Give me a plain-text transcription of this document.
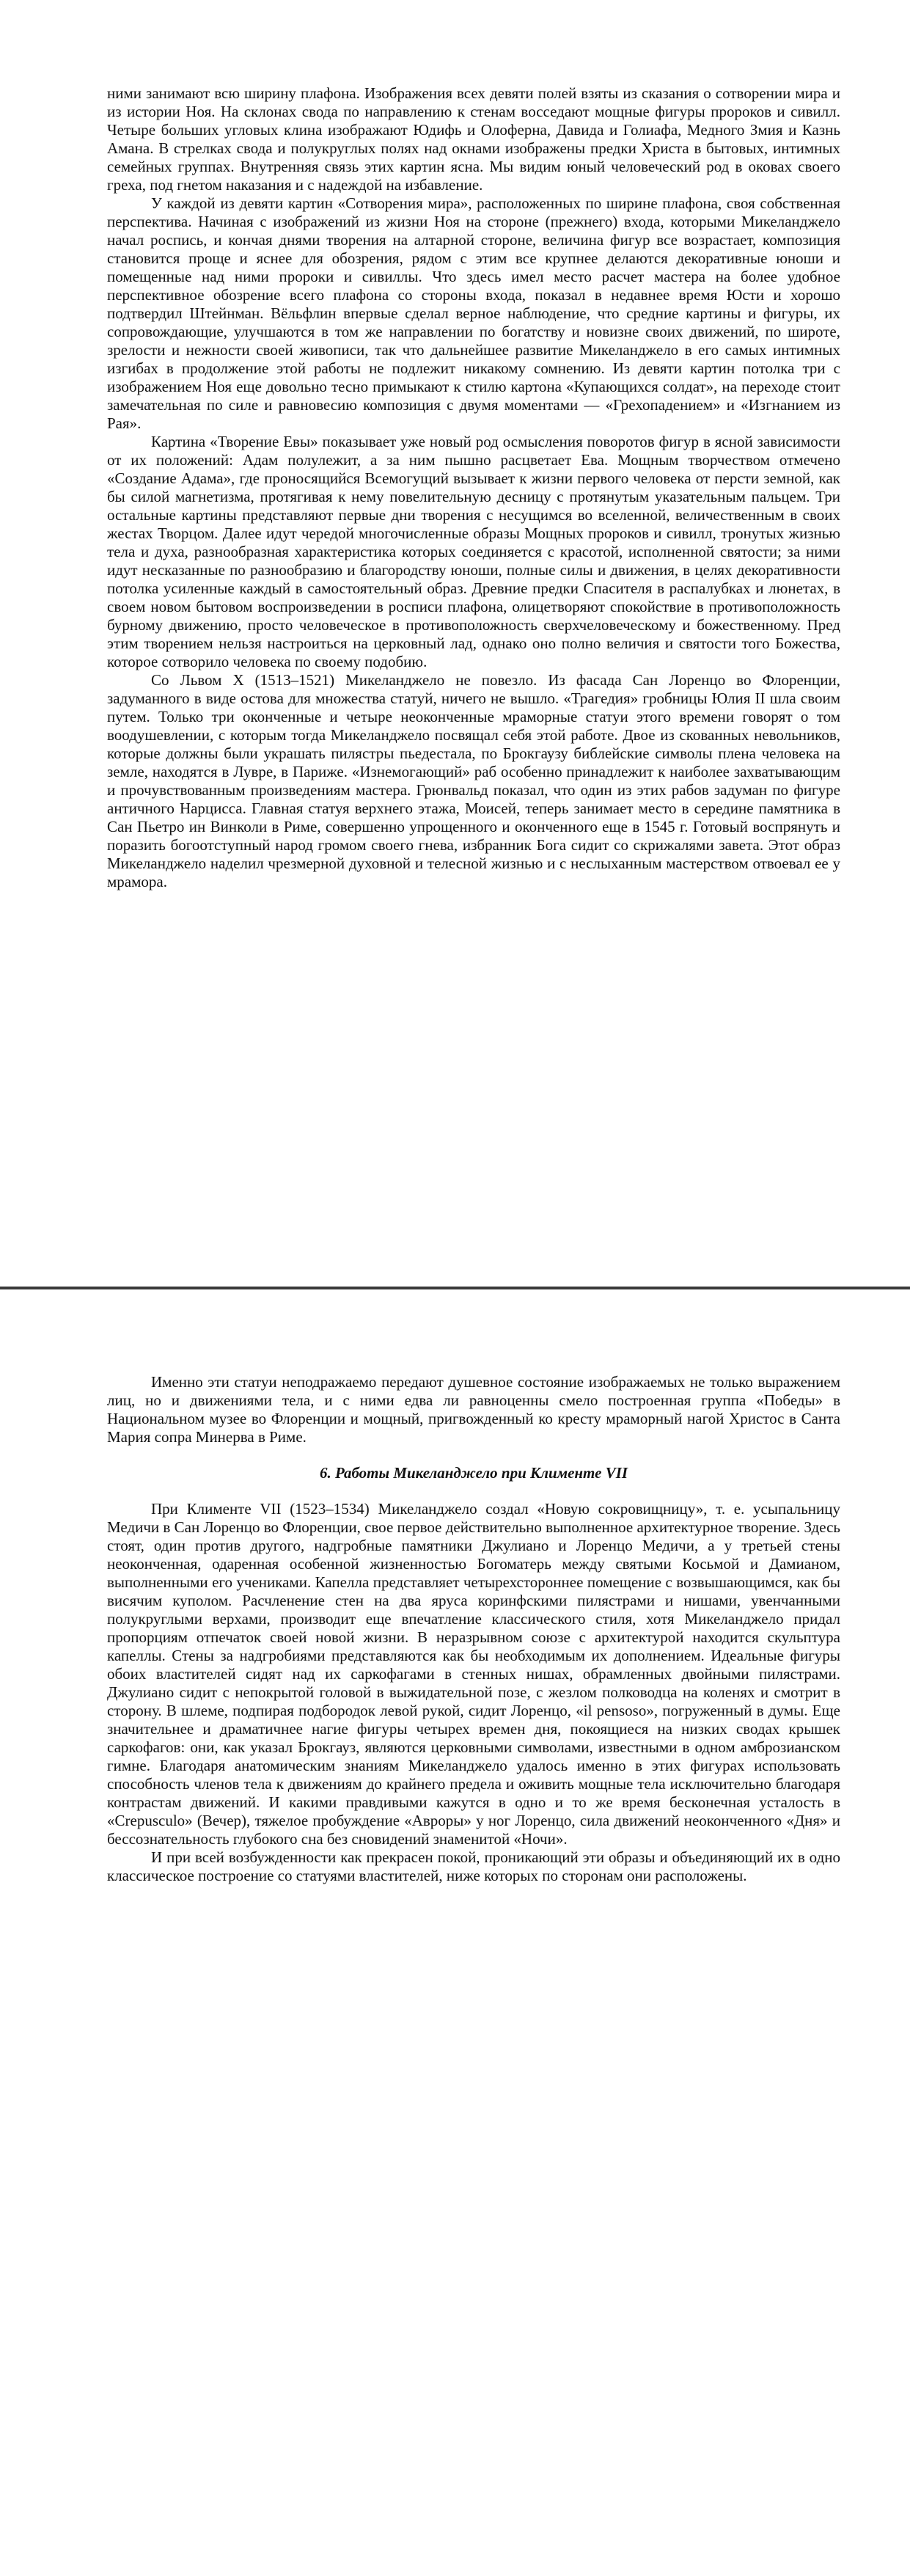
ними занимают всю ширину плафона. Изображения всех девяти полей взяты из сказания о сотворении мира и из истории Ноя. На склонах свода по направлению к стенам восседают мощные фигуры пророков и сивилл. Четыре больших угловых клина изображают Юдифь и Олоферна, Давида и Голиафа, Медного Змия и Казнь Амана. В стрелках свода и полукруглых полях над окнами изображены предки Христа в бытовых, интимных семейных группах. Внутренняя связь этих картин ясна. Мы видим юный человеческий род в оковах своего греха, под гнетом наказания и с надеждой на избавление.

У каждой из девяти картин «Сотворения мира», расположенных по ширине плафона, своя собственная перспектива. Начиная с изображений из жизни Ноя на стороне (прежнего) входа, которыми Микеланджело начал роспись, и кончая днями творения на алтарной стороне, величина фигур все возрастает, композиция становится проще и яснее для обозрения, рядом с этим все крупнее делаются декоративные юноши и помещенные над ними пророки и сивиллы. Что здесь имел место расчет мастера на более удобное перспективное обозрение всего плафона со стороны входа, показал в недавнее время Юсти и хорошо подтвердил Штейнман. Вёльфлин впервые сделал верное наблюдение, что средние картины и фигуры, их сопровождающие, улучшаются в том же направлении по богатству и новизне своих движений, по широте, зрелости и нежности своей живописи, так что дальнейшее развитие Микеланджело в его самых интимных изгибах в продолжение этой работы не подлежит никакому сомнению. Из девяти картин потолка три с изображением Ноя еще довольно тесно примыкают к стилю картона «Купающихся солдат», на переходе стоит замечательная по силе и равновесию композиция с двумя моментами — «Грехопадением» и «Изгнанием из Рая».

Картина «Творение Евы» показывает уже новый род осмысления поворотов фигур в ясной зависимости от их положений: Адам полулежит, а за ним пышно расцветает Ева. Мощным творчеством отмечено «Создание Адама», где проносящийся Всемогущий вызывает к жизни первого человека от персти земной, как бы силой магнетизма, протягивая к нему повелительную десницу с протянутым указательным пальцем. Три остальные картины представляют первые дни творения с несущимся во вселенной, величественным в своих жестах Творцом. Далее идут чередой многочисленные образы Мощных пророков и сивилл, тронутых жизнью тела и духа, разнообразная характеристика которых соединяется с красотой, исполненной святости; за ними идут несказанные по разнообразию и благородству юноши, полные силы и движения, в целях декоративности потолка усиленные каждый в самостоятельный образ. Древние предки Спасителя в распалубках и люнетах, в своем новом бытовом воспроизведении в росписи плафона, олицетворяют спокойствие в противоположность бурному движению, просто человеческое в противоположность сверхчеловеческому и божественному. Пред этим творением нельзя настроиться на церковный лад, однако оно полно величия и святости того Божества, которое сотворило человека по своему подобию.

Со Львом X (1513–1521) Микеланджело не повезло. Из фасада Сан Лоренцо во Флоренции, задуманного в виде остова для множества статуй, ничего не вышло. «Трагедия» гробницы Юлия II шла своим путем. Только три оконченные и четыре неоконченные мраморные статуи этого времени говорят о том воодушевлении, с которым тогда Микеланджело посвящал себя этой работе. Двое из скованных невольников, которые должны были украшать пилястры пьедестала, по Брокгаузу библейские символы плена человека на земле, находятся в Лувре, в Париже. «Изнемогающий» раб особенно принадлежит к наиболее захватывающим и прочувствованным произведениям мастера. Грюнвальд показал, что один из этих рабов задуман по фигуре античного Нарцисса. Главная статуя верхнего этажа, Моисей, теперь занимает место в середине памятника в Сан Пьетро ин Винколи в Риме, совершенно упрощенного и оконченного еще в 1545 г. Готовый воспрянуть и поразить богоотступный народ громом своего гнева, избранник Бога сидит со скрижалями завета. Этот образ Микеланджело наделил чрезмерной духовной и телесной жизнью и с неслыханным мастерством отвоевал ее у мрамора.

Именно эти статуи неподражаемо передают душевное состояние изображаемых не только выражением лиц, но и движениями тела, и с ними едва ли равноценны смело построенная группа «Победы» в Национальном музее во Флоренции и мощный, пригвожденный ко кресту мраморный нагой Христос в Санта Мария сопра Минерва в Риме.

6. Работы Микеланджело при Клименте VII

При Клименте VII (1523–1534) Микеланджело создал «Новую сокровищницу», т. е. усыпальницу Медичи в Сан Лоренцо во Флоренции, свое первое действительно выполненное архитектурное творение. Здесь стоят, один против другого, надгробные памятники Джулиано и Лоренцо Медичи, а у третьей стены неоконченная, одаренная особенной жизненностью Богоматерь между святыми Косьмой и Дамианом, выполненными его учениками. Капелла представляет четырехстороннее помещение с возвышающимся, как бы висячим куполом. Расчленение стен на два яруса коринфскими пилястрами и нишами, увенчанными полукруглыми верхами, производит еще впечатление классического стиля, хотя Микеланджело придал пропорциям отпечаток своей новой жизни. В неразрывном союзе с архитектурой находится скульптура капеллы. Стены за надгробиями представляются как бы необходимым их дополнением. Идеальные фигуры обоих властителей сидят над их саркофагами в стенных нишах, обрамленных двойными пилястрами. Джулиано сидит с непокрытой головой в выжидательной позе, с жезлом полководца на коленях и смотрит в сторону. В шлеме, подпирая подбородок левой рукой, сидит Лоренцо, «il pensoso», погруженный в думы. Еще значительнее и драматичнее нагие фигуры четырех времен дня, покоящиеся на низких сводах крышек саркофагов: они, как указал Брокгауз, являются церковными символами, известными в одном амброзианском гимне. Благодаря анатомическим знаниям Микеланджело удалось именно в этих фигурах использовать способность членов тела к движениям до крайнего предела и оживить мощные тела исключительно благодаря контрастам движений. И какими правдивыми кажутся в одно и то же время бесконечная усталость в «Crepusculo» (Вечер), тяжелое пробуждение «Авроры» у ног Лоренцо, сила движений неоконченного «Дня» и бессознательность глубокого сна без сновидений знаменитой «Ночи».

И при всей возбужденности как прекрасен покой, проникающий эти образы и объединяющий их в одно классическое построение со статуями властителей, ниже которых по сторонам они расположены.
